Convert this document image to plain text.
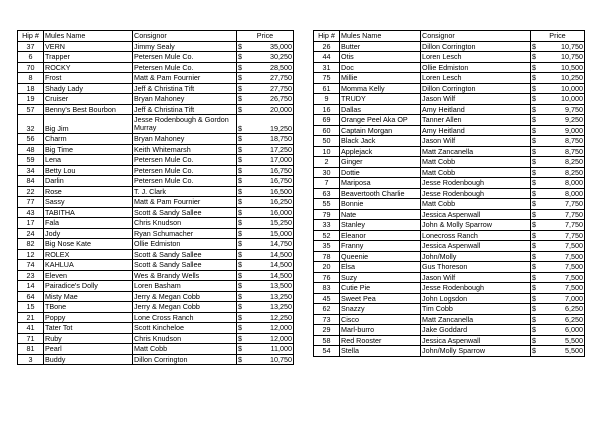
Hip #	Mules Name	Consignor	Price
37	VERN	Jimmy Sealy	$ 35,000

6	Trapper	Petersen Mule Co.	$ 30,250

70	ROCKY	Petersen Mule Co.	$ 28,500

8	Frost	Matt & Pam Fournier	$ 27,750

18	Shady Lady	Jeff & Christina Tift	$ 27,750

19	Cruiser	Bryan Mahoney	$ 26,750

57	Benny's Best Bourbon	Jeff & Christina Tift	$ 20,000

32	Big Jim	Jesse Rodenbough & Gordon Murray	$ 19,250

56	Charm	Bryan Mahoney	$ 18,750

48	Big Time	Keith Whitemarsh	$ 17,250

59	Lena	Petersen Mule Co.	$ 17,000

34	Betty Lou	Petersen Mule Co.	$ 16,750

84	Darlin	Petersen Mule Co.	$ 16,750

22	Rose	T. J. Clark	$ 16,500

77	Sassy	Matt & Pam Fournier	$ 16,250

43	TABITHA	Scott & Sandy Sallee	$ 16,000

17	Fala	Chris Knudson	$ 15,250

24	Jody	Ryan Schumacher	$ 15,000

82	Big Nose Kate	Ollie Edmiston	$ 14,750

12	ROLEX	Scott & Sandy Sallee	$ 14,500

74	KAHLUA	Scott & Sandy Sallee	$ 14,500

23	Eleven	Wes & Brandy Wells	$ 14,500

14	Pairadice's Dolly	Loren Basham	$ 13,500

64	Misty Mae	Jerry & Megan Cobb	$ 13,250

15	TBone	Jerry & Megan Cobb	$ 13,250

21	Poppy	Lone Cross Ranch	$ 12,250

41	Tater Tot	Scott Kincheloe	$ 12,000

71	Ruby	Chris Knudson	$ 12,000

81	Pearl	Matt Cobb	$ 11,000

3	Buddy	Dillon Corrington	$ 10,750
Hip #	Mules Name	Consignor	Price
26	Butter	Dillon Corrington	$ 10,750

44	Otis	Loren Lesch	$ 10,750

31	Doc	Ollie Edmiston	$ 10,500

75	Millie	Loren Lesch	$ 10,250

61	Momma Kelly	Dillon Corrington	$ 10,000

9	TRUDY	Jason Wilf	$ 10,000

16	Dallas	Amy Heitland	$ 9,750

69	Orange Peel Aka OP	Tanner Allen	$ 9,250

60	Captain Morgan	Amy Heitland	$ 9,000

50	Black Jack	Jason Wilf	$ 8,750

10	Applejack	Matt Zancanella	$ 8,750

2	Ginger	Matt Cobb	$ 8,250

30	Dottie	Matt Cobb	$ 8,250

7	Mariposa	Jesse Rodenbough	$ 8,000

63	Beavertooth Charlie	Jesse Rodenbough	$ 8,000

55	Bonnie	Matt Cobb	$ 7,750

79	Nate	Jessica Aspenwall	$ 7,750

33	Stanley	John & Molly Sparrow	$ 7,750

52	Eleanor	Lonecross Ranch	$ 7,750

35	Franny	Jessica Aspenwall	$ 7,500

78	Queenie	John/Molly	$ 7,500

20	Elsa	Gus Thoreson	$ 7,500

76	Suzy	Jason Wilf	$ 7,500

83	Cutie Pie	Jesse Rodenbough	$ 7,500

45	Sweet Pea	John Logsdon	$ 7,000

62	Snazzy	Tim Cobb	$ 6,250

73	Cisco	Matt Zancanella	$ 6,250

29	Marl-burro	Jake Goddard	$ 6,000

58	Red Rooster	Jessica Aspenwall	$ 5,500

54	Stella	John/Molly Sparrow	$ 5,500
